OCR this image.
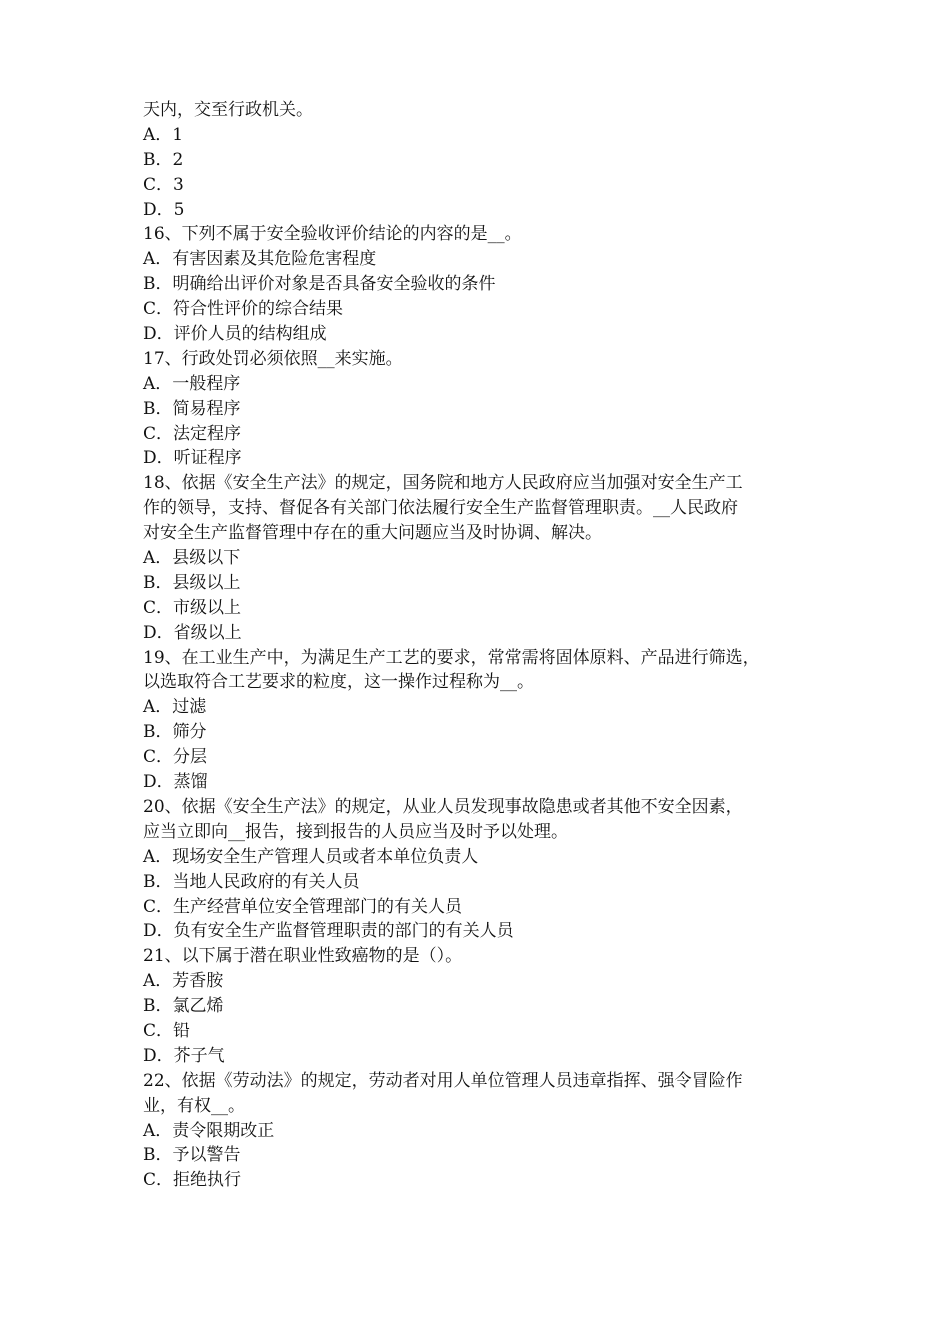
天内，交至行政机关。
A．1
B．2
C．3
D．5
16、下列不属于安全验收评价结论的内容的是__。
A．有害因素及其危险危害程度
B．明确给出评价对象是否具备安全验收的条件
C．符合性评价的综合结果
D．评价人员的结构组成
17、行政处罚必须依照__来实施。
A．一般程序
B．简易程序
C．法定程序
D．听证程序
18、依据《安全生产法》的规定，国务院和地方人民政府应当加强对安全生产工
作的领导，支持、督促各有关部门依法履行安全生产监督管理职责。__人民政府
对安全生产监督管理中存在的重大问题应当及时协调、解决。
A．县级以下
B．县级以上
C．市级以上
D．省级以上
19、在工业生产中，为满足生产工艺的要求，常常需将固体原料、产品进行筛选，
以选取符合工艺要求的粒度，这一操作过程称为__。
A．过滤
B．筛分
C．分层
D．蒸馏
20、依据《安全生产法》的规定，从业人员发现事故隐患或者其他不安全因素，
应当立即向__报告，接到报告的人员应当及时予以处理。
A．现场安全生产管理人员或者本单位负责人
B．当地人民政府的有关人员
C．生产经营单位安全管理部门的有关人员
D．负有安全生产监督管理职责的部门的有关人员
21、以下属于潜在职业性致癌物的是（）。
A．芳香胺
B．氯乙烯
C．铅
D．芥子气
22、依据《劳动法》的规定，劳动者对用人单位管理人员违章指挥、强令冒险作
业，有权__。
A．责令限期改正
B．予以警告
C．拒绝执行
